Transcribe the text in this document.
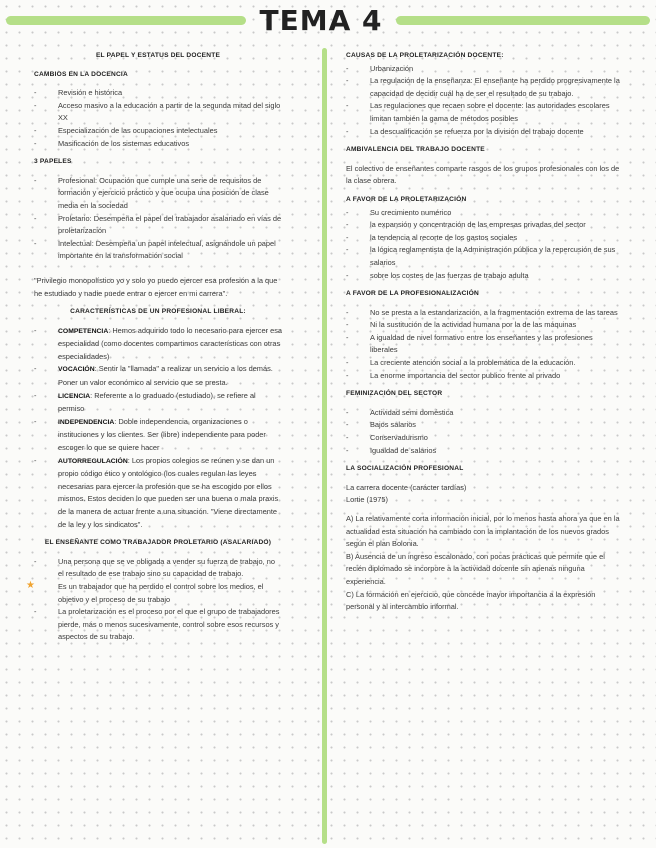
TEMA 4

EL PAPEL Y ESTATUS DEL DOCENTE

CAMBIOS EN LA DOCENCIA

- Revisión e histórica
- Acceso masivo a la educación a partir de la segunda mitad del siglo XX
- Especialización de las ocupaciones intelectuales
- Masificación de los sistemas educativos

3 PAPELES

- Profesional: Ocupación que cumple una serie de requisitos de formación y ejercicio práctico y que ocupa una posición de clase media en la sociedad
- Proletario: Desempeña el papel del trabajador asalariado en vías de proletarización
- Intelectual: Desempeña un papel intelectual, asignándole un papel importante en la transformación social

"Privilegio monopolístico yo y solo yo puedo ejercer esa profesión a la que he estudiado y nadie puede entrar o ejercer en mi carrera".

CARACTERÍSTICAS DE UN PROFESIONAL LIBERAL:

- COMPETENCIA: Hemos adquirido todo lo necesario para ejercer esa especialidad (como docentes compartimos características con otras especialidades)
- VOCACIÓN: Sentir la "llamada" a realizar un servicio a los demás. Poner un valor económico al servicio que se presta.
- LICENCIA: Referente a lo graduado (estudiado), se refiere al permiso
- INDEPENDENCIA: Doble independencia, organizaciones o instituciones y los clientes. Ser (libre) independiente para poder escoger lo que se quiere hacer
- AUTORREGULACIÓN: Los propios colegios se reúnen y se dan un propio código ético y ontológico (los cuales regulan las leyes necesarias para ejercer la profesión que se ha escogido por ellos mismos. Estos deciden lo que pueden ser una buena o mala praxis de la manera de actuar frente a una situación. "Viene directamente de la ley y los sindicatos".

EL ENSEÑANTE COMO TRABAJADOR PROLETARIO (ASALARIADO)

- Una persona que se ve obligada a vender su fuerza de trabajo, no el resultado de ese trabajo sino su capacidad de trabajo.
★ Es un trabajador que ha perdido el control sobre los medios, el objetivo y el proceso de su trabajo
- La proletarización es el proceso por el que el grupo de trabajadores pierde, más o menos sucesivamente, control sobre esos recursos y aspectos de su trabajo.

CAUSAS DE LA PROLETARIZACIÓN DOCENTE:

- Urbanización
- La regulación de la enseñanza: El enseñante ha perdido progresivamente la capacidad de decidir cuál ha de ser el resultado de su trabajo.
- Las regulaciones que recaen sobre el docente: las autoridades escolares limitan también la gama de métodos posibles
- La descualificación se refuerza por la división del trabajo docente

AMBIVALENCIA DEL TRABAJO DOCENTE

El colectivo de enseñantes comparte rasgos de los grupos profesionales con los de la clase obrera.

A FAVOR DE LA PROLETARIZACIÓN

- Su crecimiento numérico
- la expansión y concentración de las empresas privadas del sector
- la tendencia al recorte de los gastos sociales
- la lógica reglamentista de la Administración pública y la repercusión de sus salarios
- sobre los costes de las fuerzas de trabajo adulta

A FAVOR DE LA PROFESIONALIZACIÓN

- No se presta a la estandarización, a la fragmentación extrema de las tareas
- Ni la sustitución de la actividad humana por la de las máquinas
- A igualdad de nivel formativo entre los enseñantes y las profesiones liberales
- La creciente atención social a la problemática de la educación.
- La enorme importancia del sector publico frente al privado

FEMINIZACIÓN DEL SECTOR

- Actividad semi doméstica
- Bajos salarios
- Conservadurismo
- Igualdad de salarios

LA SOCIALIZACIÓN PROFESIONAL

La carrera docente (carácter tardías)

Lortie (1975)

A) La relativamente corta información inicial, por lo menos hasta ahora ya que en la actualidad esta situación ha cambiado con la implantación de los nuevos grados según el plan Bolonia.

B) Ausencia de un ingreso escalonado, con pocas prácticas que permite que el recién diplomado se incorpore a la actividad docente sin apenas ninguna experiencia.

C) La formación en ejercicio, que concede mayor importancia a la expresión personal y al intercambio informal.
